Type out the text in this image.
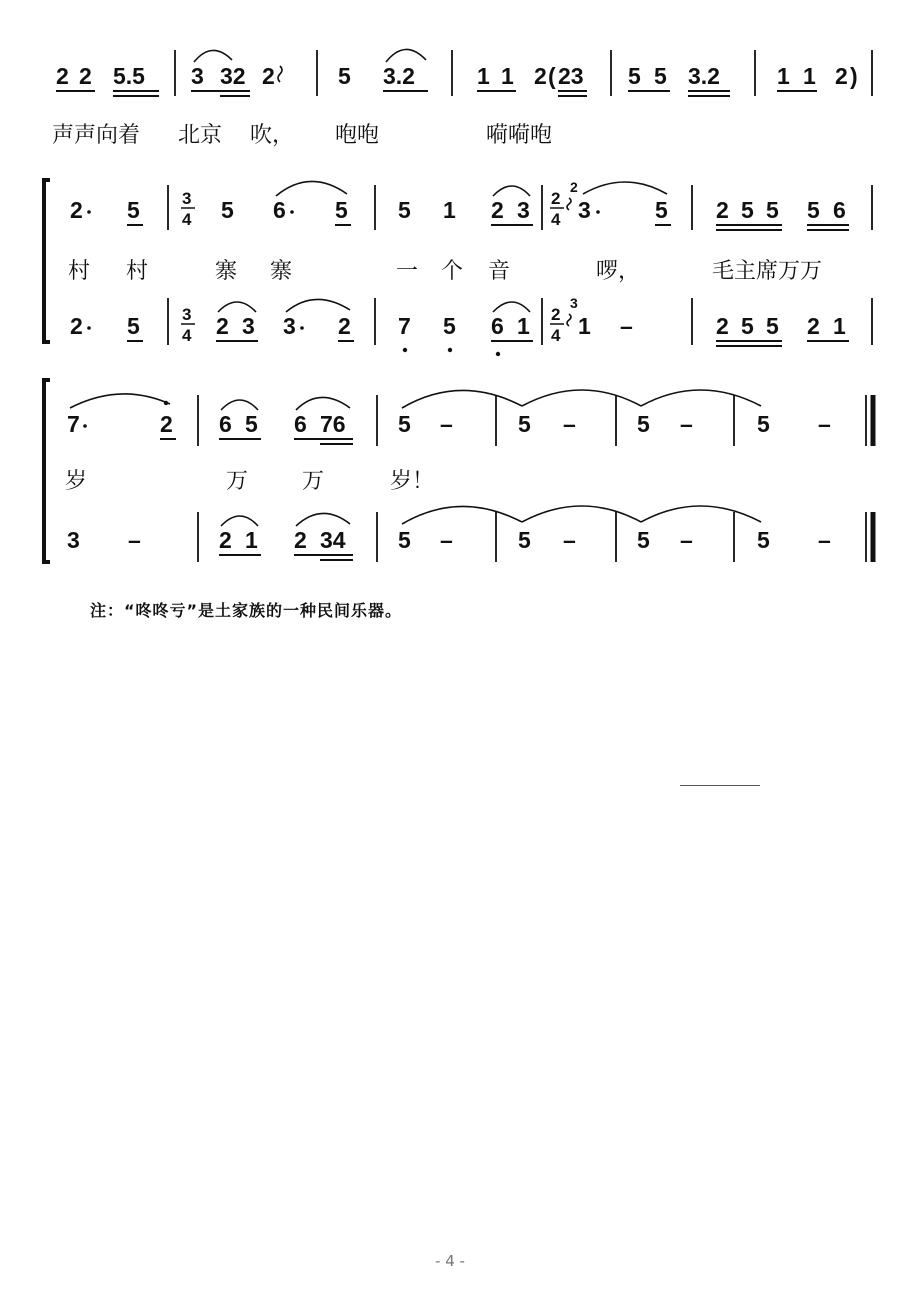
2 2 5.5 3 32 2	5 3.2	1 1 2 ( 23 5 5 3.2 1 1 2 )
声声向着 北京 吹， 咆咆	嗬嗬咆
2 5 3
4 5 6 5 5 1 2 3 2
4
2
3	5 2 5 5 5 6
2 5 3
4 2 3 3 2 7 5 6 1 2
4
3
1 –	2 5 5 2 1
村 村	寨 寨	一 个 音	啰，	毛主席万万
7	2 6 5 6 76 5 –	5 –	5 –	5 –
3 –	2 1 2 34 5 –	5 –	5 –	5 –
岁	万 万	岁！
注：“咚咚亏”是土家族的一种民间乐器。
- 4 -
